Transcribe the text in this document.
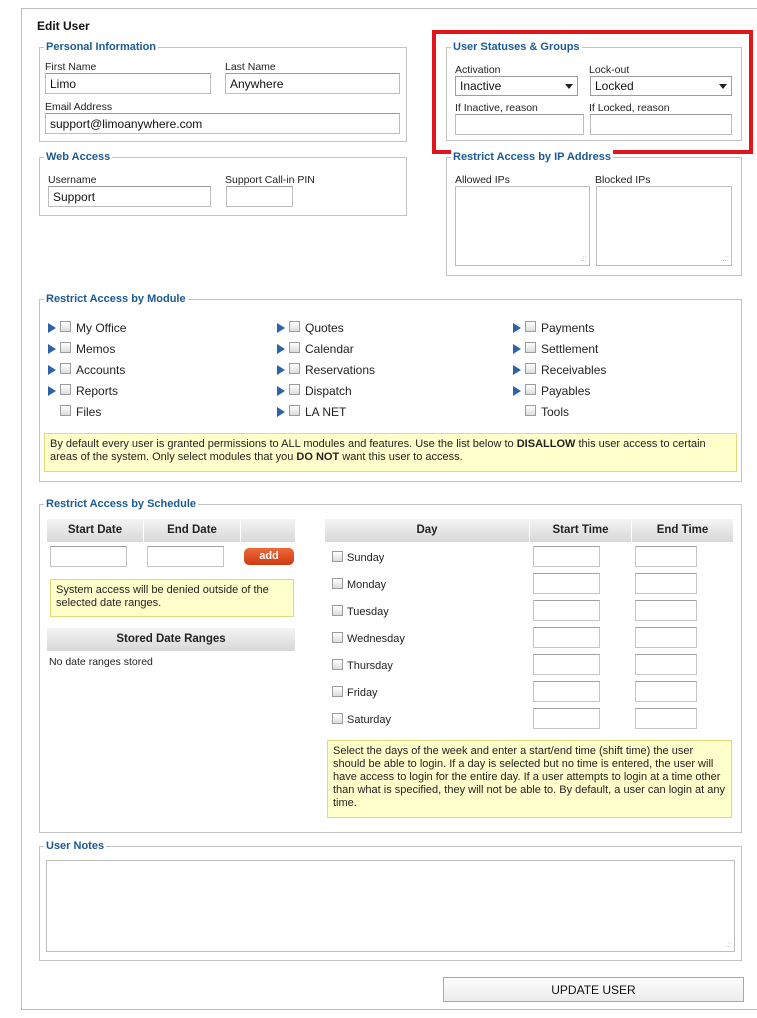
Edit User
Personal Information
First Name
Limo
Last Name
Anywhere
Email Address
support@limoanywhere.com
Web Access
Username
Support
Support Call-in PIN
User Statuses & Groups
Activation
Inactive
Lock-out
Locked
If Inactive, reason	If Locked, reason
Restrict Access by IP Address
Allowed IPs
.::
Blocked IPs
.::
Restrict Access by Module
My Office
Memos
Accounts
Reports
Files
Quotes
Calendar
Reservations
Dispatch
LA NET
Payments
Settlement
Receivables
Payables
Tools
By default every user is granted permissions to ALL modules and features. Use the list below to DISALLOW this user access to certain areas of the system. Only select modules that you DO NOT want this user to access.
Restrict Access by Schedule
Start Date	End Date
add
System access will be denied outside of the selected date ranges.
Stored Date Ranges
No date ranges stored
Day	Start Time	End Time
Sunday
Monday
Tuesday
Wednesday
Thursday
Friday
Saturday
Select the days of the week and enter a start/end time (shift time) the user should be able to login. If a day is selected but no time is entered, the user will have access to login for the entire day. If a user attempts to login at a time other than what is specified, they will not be able to. By default, a user can login at any time.
User Notes
.::
UPDATE USER
